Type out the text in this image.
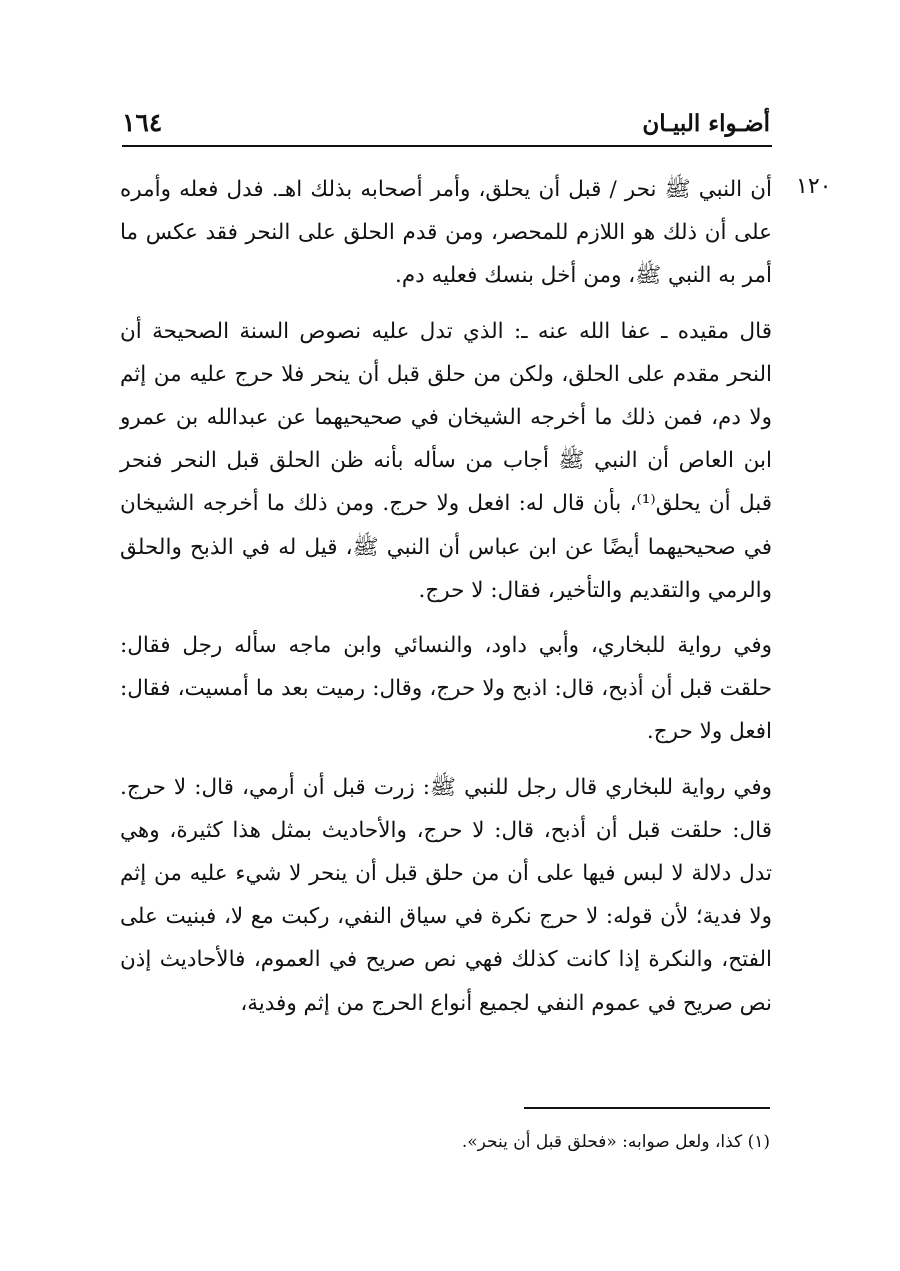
أضـواء البيـان
١٦٤
١٢٠

أن النبي ﷺ نحر / قبل أن يحلق، وأمر أصحابه بذلك اهـ. فدل فعله وأمره على أن ذلك هو اللازم للمحصر، ومن قدم الحلق على النحر فقد عكس ما أمر به النبي ﷺ، ومن أخل بنسك فعليه دم.

قال مقيده ـ عفا الله عنه ـ: الذي تدل عليه نصوص السنة الصحيحة أن النحر مقدم على الحلق، ولكن من حلق قبل أن ينحر فلا حرج عليه من إثم ولا دم، فمن ذلك ما أخرجه الشيخان في صحيحيهما عن عبدالله بن عمرو ابن العاص أن النبي ﷺ أجاب من سأله بأنه ظن الحلق قبل النحر فنحر قبل أن يحلق⁽¹⁾، بأن قال له: افعل ولا حرج. ومن ذلك ما أخرجه الشيخان في صحيحيهما أيضًا عن ابن عباس أن النبي ﷺ، قيل له في الذبح والحلق والرمي والتقديم والتأخير، فقال: لا حرج.

وفي رواية للبخاري، وأبي داود، والنسائي وابن ماجه سأله رجل فقال: حلقت قبل أن أذبح، قال: اذبح ولا حرج، وقال: رميت بعد ما أمسيت، فقال: افعل ولا حرج.

وفي رواية للبخاري قال رجل للنبي ﷺ: زرت قبل أن أرمي، قال: لا حرج. قال: حلقت قبل أن أذبح، قال: لا حرج، والأحاديث بمثل هذا كثيرة، وهي تدل دلالة لا لبس فيها على أن من حلق قبل أن ينحر لا شيء عليه من إثم ولا فدية؛ لأن قوله: لا حرج نكرة في سياق النفي، ركبت مع لا، فبنيت على الفتح، والنكرة إذا كانت كذلك فهي نص صريح في العموم، فالأحاديث إذن نص صريح في عموم النفي لجميع أنواع الحرج من إثم وفدية،

(١) كذا، ولعل صوابه: «فحلق قبل أن ينحر».
